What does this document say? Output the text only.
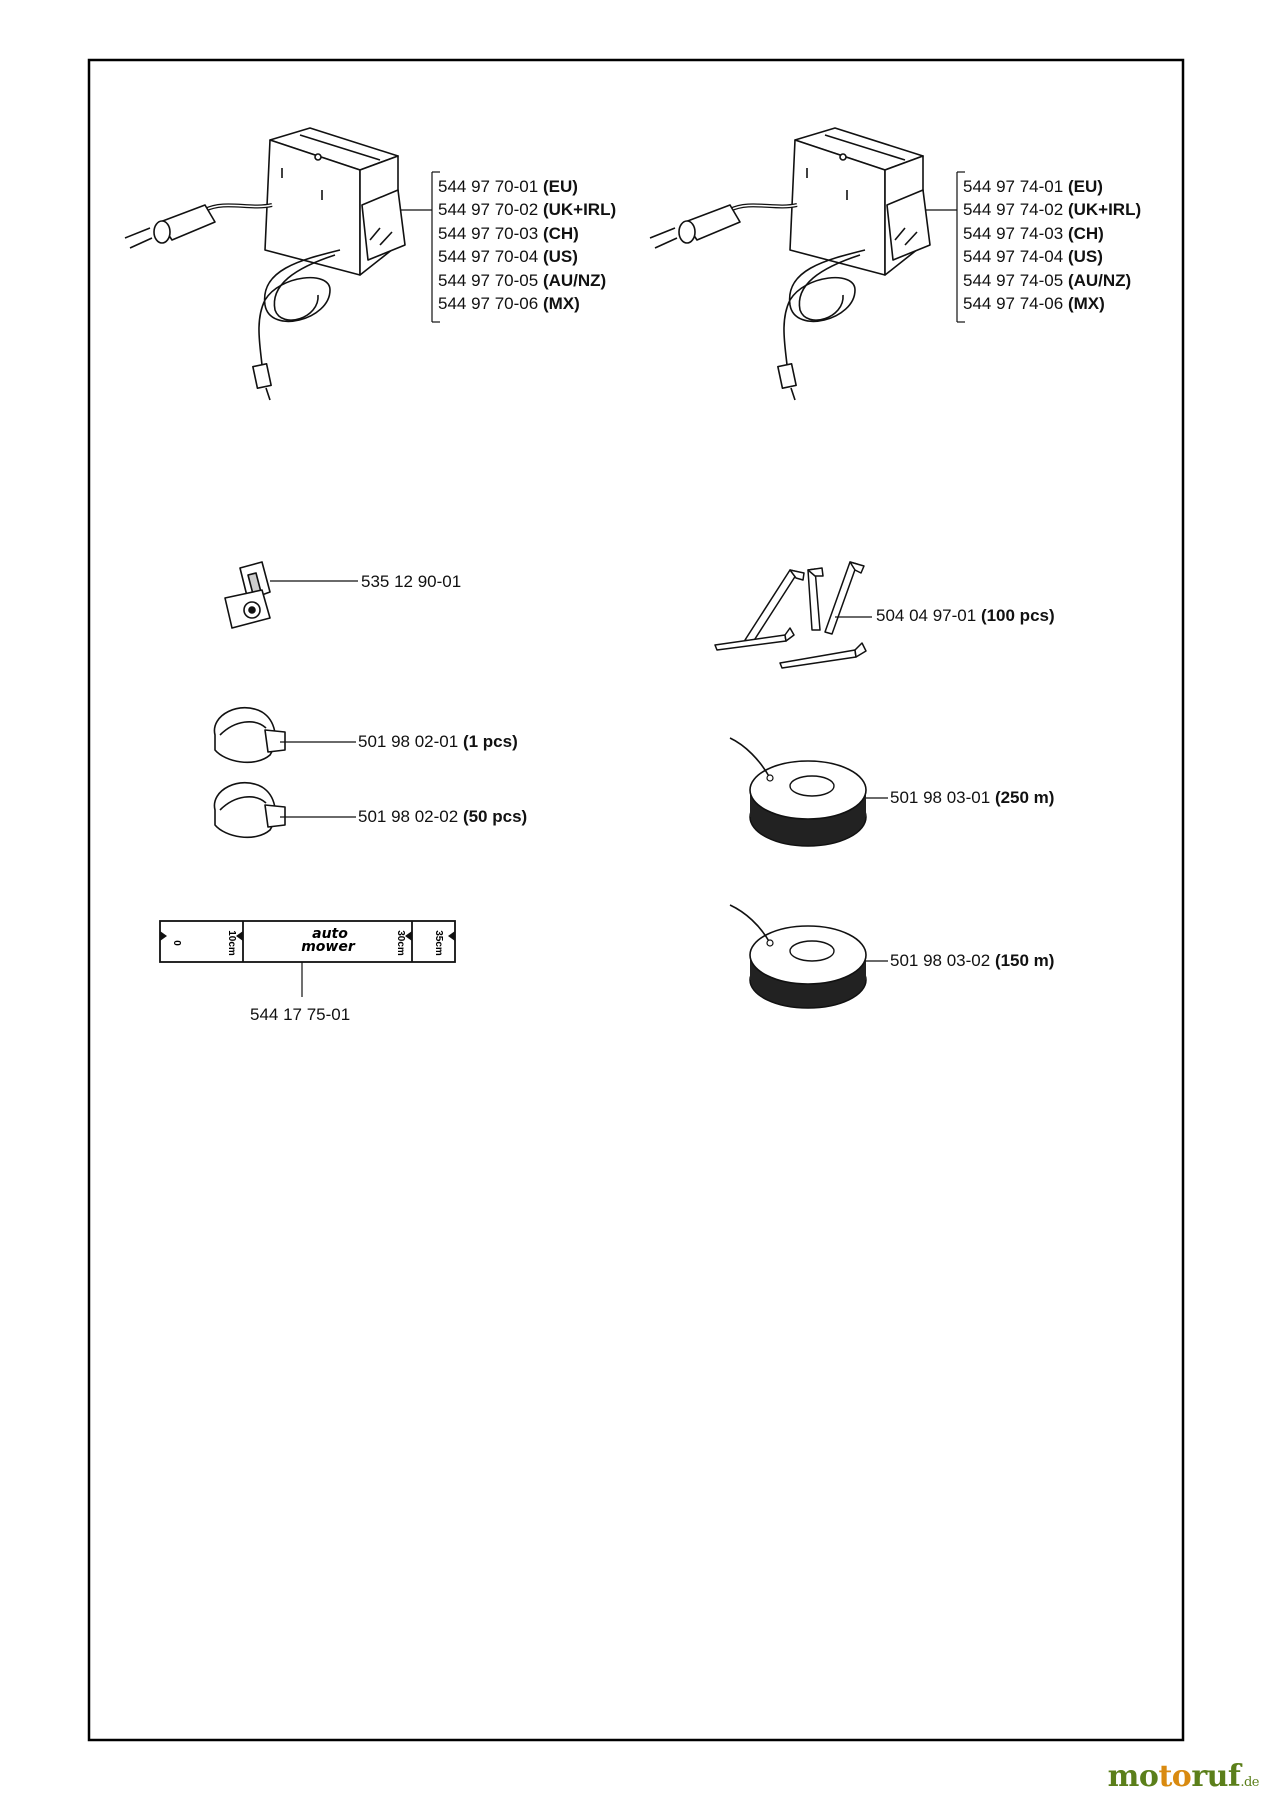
0	10cm	30cm	35cm
auto
mower
544 97 70-01 (EU)
544 97 70-02 (UK+IRL)
544 97 70-03 (CH)
544 97 70-04 (US)
544 97 70-05 (AU/NZ)
544 97 70-06 (MX)
544 97 74-01 (EU)
544 97 74-02 (UK+IRL)
544 97 74-03 (CH)
544 97 74-04 (US)
544 97 74-05 (AU/NZ)
544 97 74-06 (MX)
535 12 90-01
504 04 97-01 (100 pcs)
501 98 02-01 (1 pcs)
501 98 02-02 (50 pcs)
501 98 03-01 (250 m)
501 98 03-02 (150 m)
544 17 75-01
motoruf.de
